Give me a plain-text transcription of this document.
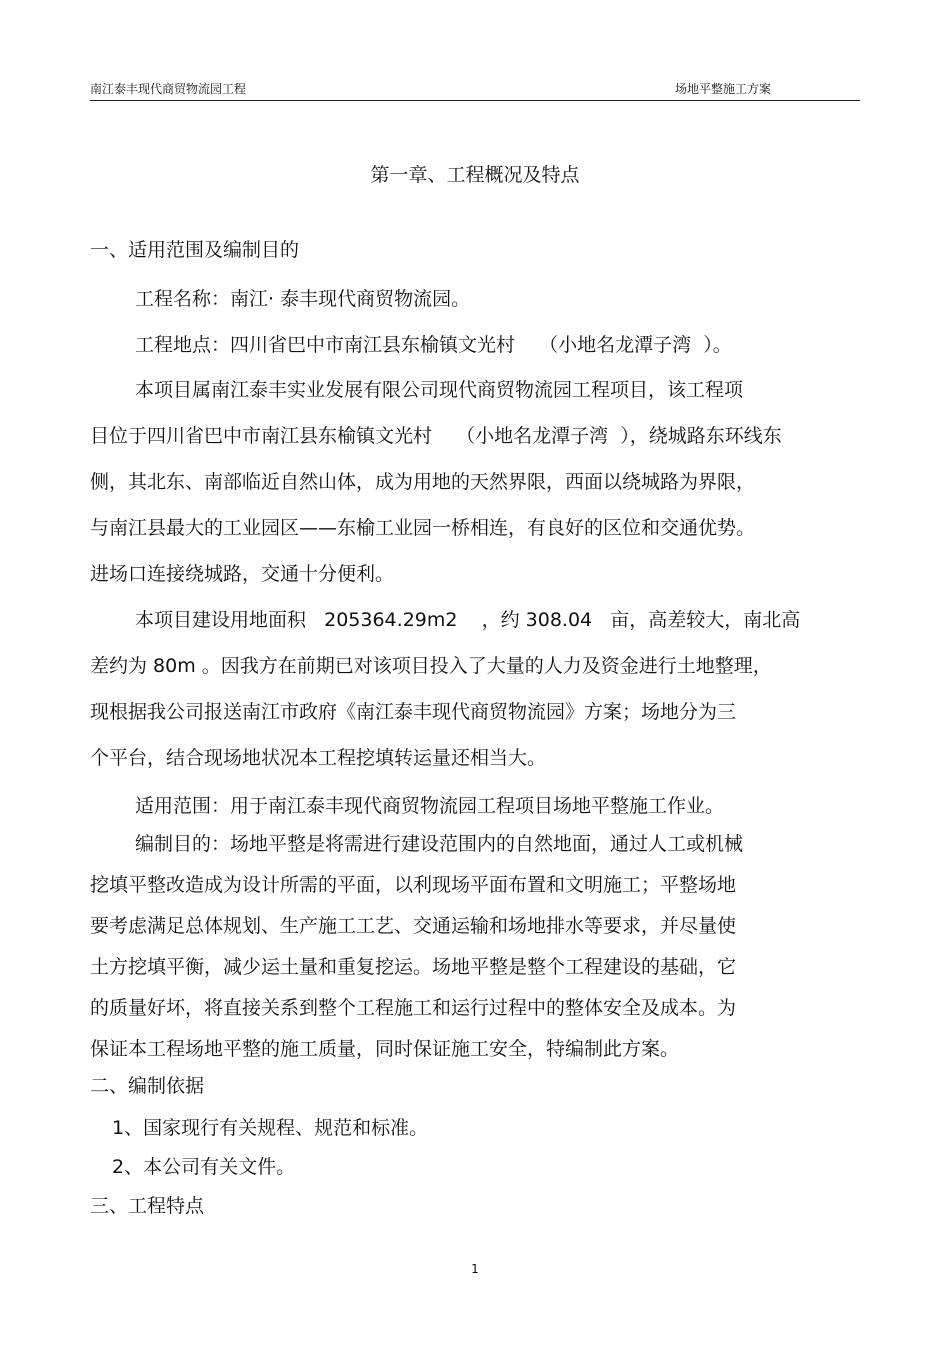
南江泰丰现代商贸物流园工程	场地平整施工方案
第一章、工程概况及特点
一、适用范围及编制目的
工程名称：南江· 泰丰现代商贸物流园。
工程地点：四川省巴中市南江县东榆镇文光村    （小地名龙潭子湾  ）。
本项目属南江泰丰实业发展有限公司现代商贸物流园工程项目，该工程项
目位于四川省巴中市南江县东榆镇文光村    （小地名龙潭子湾  ），绕城路东环线东
侧，其北东、南部临近自然山体，成为用地的天然界限，西面以绕城路为界限，
与南江县最大的工业园区——东榆工业园一桥相连，有良好的区位和交通优势。
进场口连接绕城路，交通十分便利。
本项目建设用地面积   205364.29m2    ，约 308.04   亩，高差较大，南北高
差约为 80m 。因我方在前期已对该项目投入了大量的人力及资金进行土地整理，
现根据我公司报送南江市政府《南江泰丰现代商贸物流园》方案；场地分为三
个平台，结合现场地状况本工程挖填转运量还相当大。
适用范围：用于南江泰丰现代商贸物流园工程项目场地平整施工作业。
编制目的：场地平整是将需进行建设范围内的自然地面，通过人工或机械
挖填平整改造成为设计所需的平面，以利现场平面布置和文明施工；平整场地
要考虑满足总体规划、生产施工工艺、交通运输和场地排水等要求，并尽量使
土方挖填平衡，减少运土量和重复挖运。场地平整是整个工程建设的基础，它
的质量好坏，将直接关系到整个工程施工和运行过程中的整体安全及成本。为
保证本工程场地平整的施工质量，同时保证施工安全，特编制此方案。
二、编制依据
1、国家现行有关规程、规范和标准。
2、本公司有关文件。
三、工程特点
1
